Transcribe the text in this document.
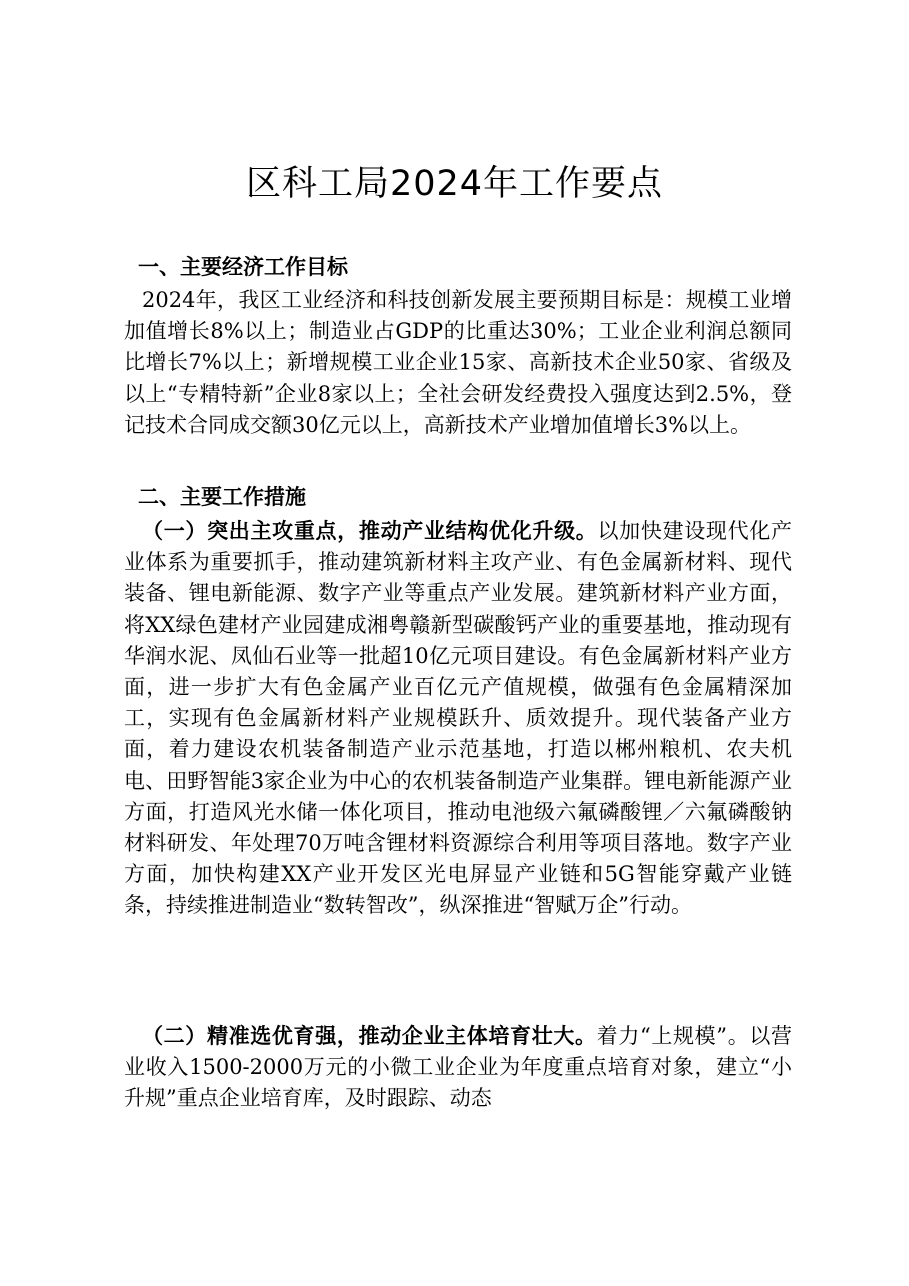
区科工局2024年工作要点
一、主要经济工作目标
2024年，我区工业经济和科技创新发展主要预期目标是：规模工业增加值增长8%以上；制造业占GDP的比重达30%；工业企业利润总额同比增长7%以上；新增规模工业企业15家、高新技术企业50家、省级及以上“专精特新”企业8家以上；全社会研发经费投入强度达到2.5%，登记技术合同成交额30亿元以上，高新技术产业增加值增长3%以上。
二、主要工作措施
（一）突出主攻重点，推动产业结构优化升级。以加快建设现代化产业体系为重要抓手，推动建筑新材料主攻产业、有色金属新材料、现代装备、锂电新能源、数字产业等重点产业发展。建筑新材料产业方面，将XX绿色建材产业园建成湘粤赣新型碳酸钙产业的重要基地，推动现有华润水泥、凤仙石业等一批超10亿元项目建设。有色金属新材料产业方面，进一步扩大有色金属产业百亿元产值规模，做强有色金属精深加工，实现有色金属新材料产业规模跃升、质效提升。现代装备产业方面，着力建设农机装备制造产业示范基地，打造以郴州粮机、农夫机电、田野智能3家企业为中心的农机装备制造产业集群。锂电新能源产业方面，打造风光水储一体化项目，推动电池级六氟磷酸锂／六氟磷酸钠材料研发、年处理70万吨含锂材料资源综合利用等项目落地。数字产业方面，加快构建XX产业开发区光电屏显产业链和5G智能穿戴产业链条，持续推进制造业“数转智改”，纵深推进“智赋万企”行动。
（二）精准选优育强，推动企业主体培育壮大。着力“上规模”。以营业收入1500-2000万元的小微工业企业为年度重点培育对象，建立“小升规”重点企业培育库，及时跟踪、动态
